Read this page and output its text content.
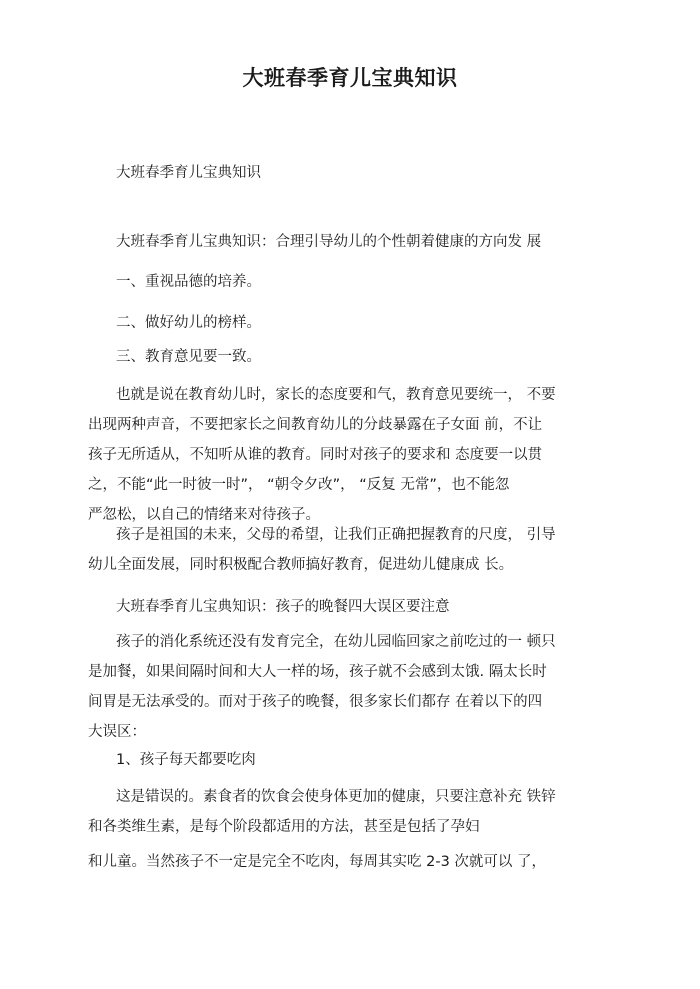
大班春季育儿宝典知识
大班春季育儿宝典知识
大班春季育儿宝典知识：合理引导幼儿的个性朝着健康的方向发 展
一、重视品德的培养。
二、做好幼儿的榜样。
三、教育意见要一致。

也就是说在教育幼儿时，家长的态度要和气，教育意见要统一， 不要

出现两种声音，不要把家长之间教育幼儿的分歧暴露在子女面 前，不让

孩子无所适从，不知听从谁的教育。同时对孩子的要求和 态度要一以贯

之，不能“此一时彼一时”， “朝令夕改”， “反复 无常”，也不能忽

严忽松，以自己的情绪来对待孩子。

孩子是祖国的未来，父母的希望，让我们正确把握教育的尺度， 引导

幼儿全面发展，同时积极配合教师搞好教育，促进幼儿健康成 长。

大班春季育儿宝典知识：孩子的晚餐四大误区要注意

孩子的消化系统还没有发育完全，在幼儿园临回家之前吃过的一 顿只

是加餐，如果间隔时间和大人一样的场，孩子就不会感到太饿. 隔太长时

间胃是无法承受的。而对于孩子的晚餐，很多家长们都存 在着以下的四

大误区：

1、孩子每天都要吃肉

这是错误的。素食者的饮食会使身体更加的健康，只要注意补充 铁锌

和各类维生素，是每个阶段都适用的方法，甚至是包括了孕妇

和儿童。当然孩子不一定是完全不吃肉，每周其实吃 2-3 次就可以 了，
